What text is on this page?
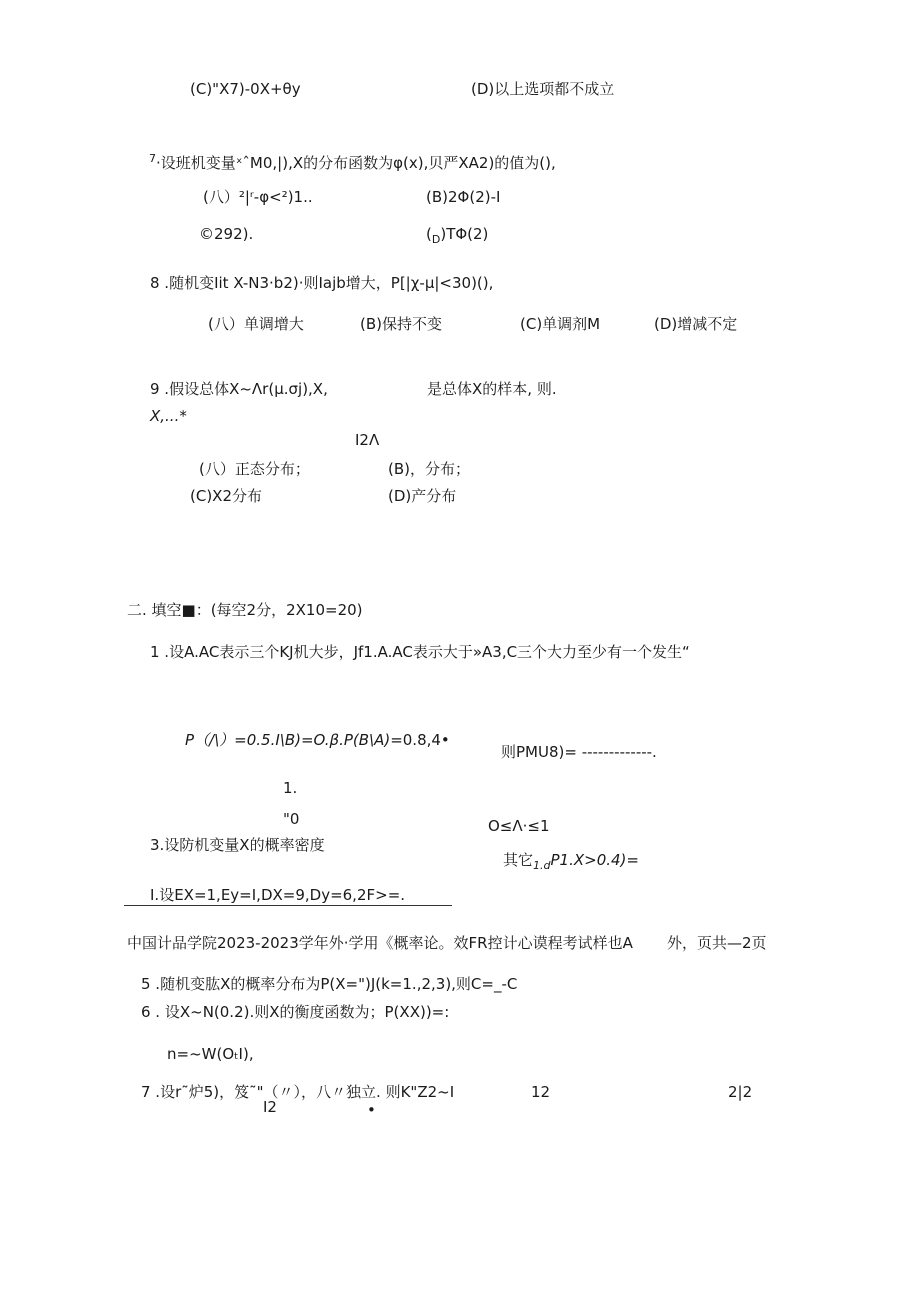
(C)"X7)-0X+θy	(D)以上选项都不成立
$^7$·设班机变量ˣˆM0,|),X的分布函数为φ(x),贝严XA2)的值为(),
(八）²|ʳ-φ<²)1..	(B)2Φ(2)-I
©292).	$(_D)T\Phi(2)$
8 .随机变Iit X-N3·b2)·则Iajb增大，P[|χ-μ|<30)(),
(八）单调增大	(B)保持不变	(C)单调剂M	(D)增减不定
9 .假设总体X~Λr(μ.σj),X,	是总体X的样本, 则.
X,...*
I2Λ
(八）正态分布；	(B)，分布；
(C)X2分布	(D)产分布
二. 填空■：(每空2分，2X10=20)
1 .设A.AC表示三个KJ机大步，Jf1.A.AC表示大于»A3,C三个大力至少有一个发生“
P（/\）=0.5.I\B)=O.β.P(B\A)=0.8,4•
则PMU8)= -------------.
1.
"0	O≤Λ·≤1
3.设防机变量X的概率密度
其它$_{1.d}$P1.X>0.4)=
I.设EX=1,Ey=I,DX=9,Dy=6,2F>=.
中国计品学院2023-2023学年外·学用《概率论。效FR控计心谟程考试样也A 外，页共—2页
5 .随机变肱X的概率分布为P(X=")J(k=1.,2,3),则C=_-C
6 . 设X~N(0.2).则X的衡度函数为；P(XX))=:
n=~W(OₜI),
7 .设r˜炉5)，笈˜"（〃），八〃独立. 则K"Z2~I
I2	•
12	2|2
